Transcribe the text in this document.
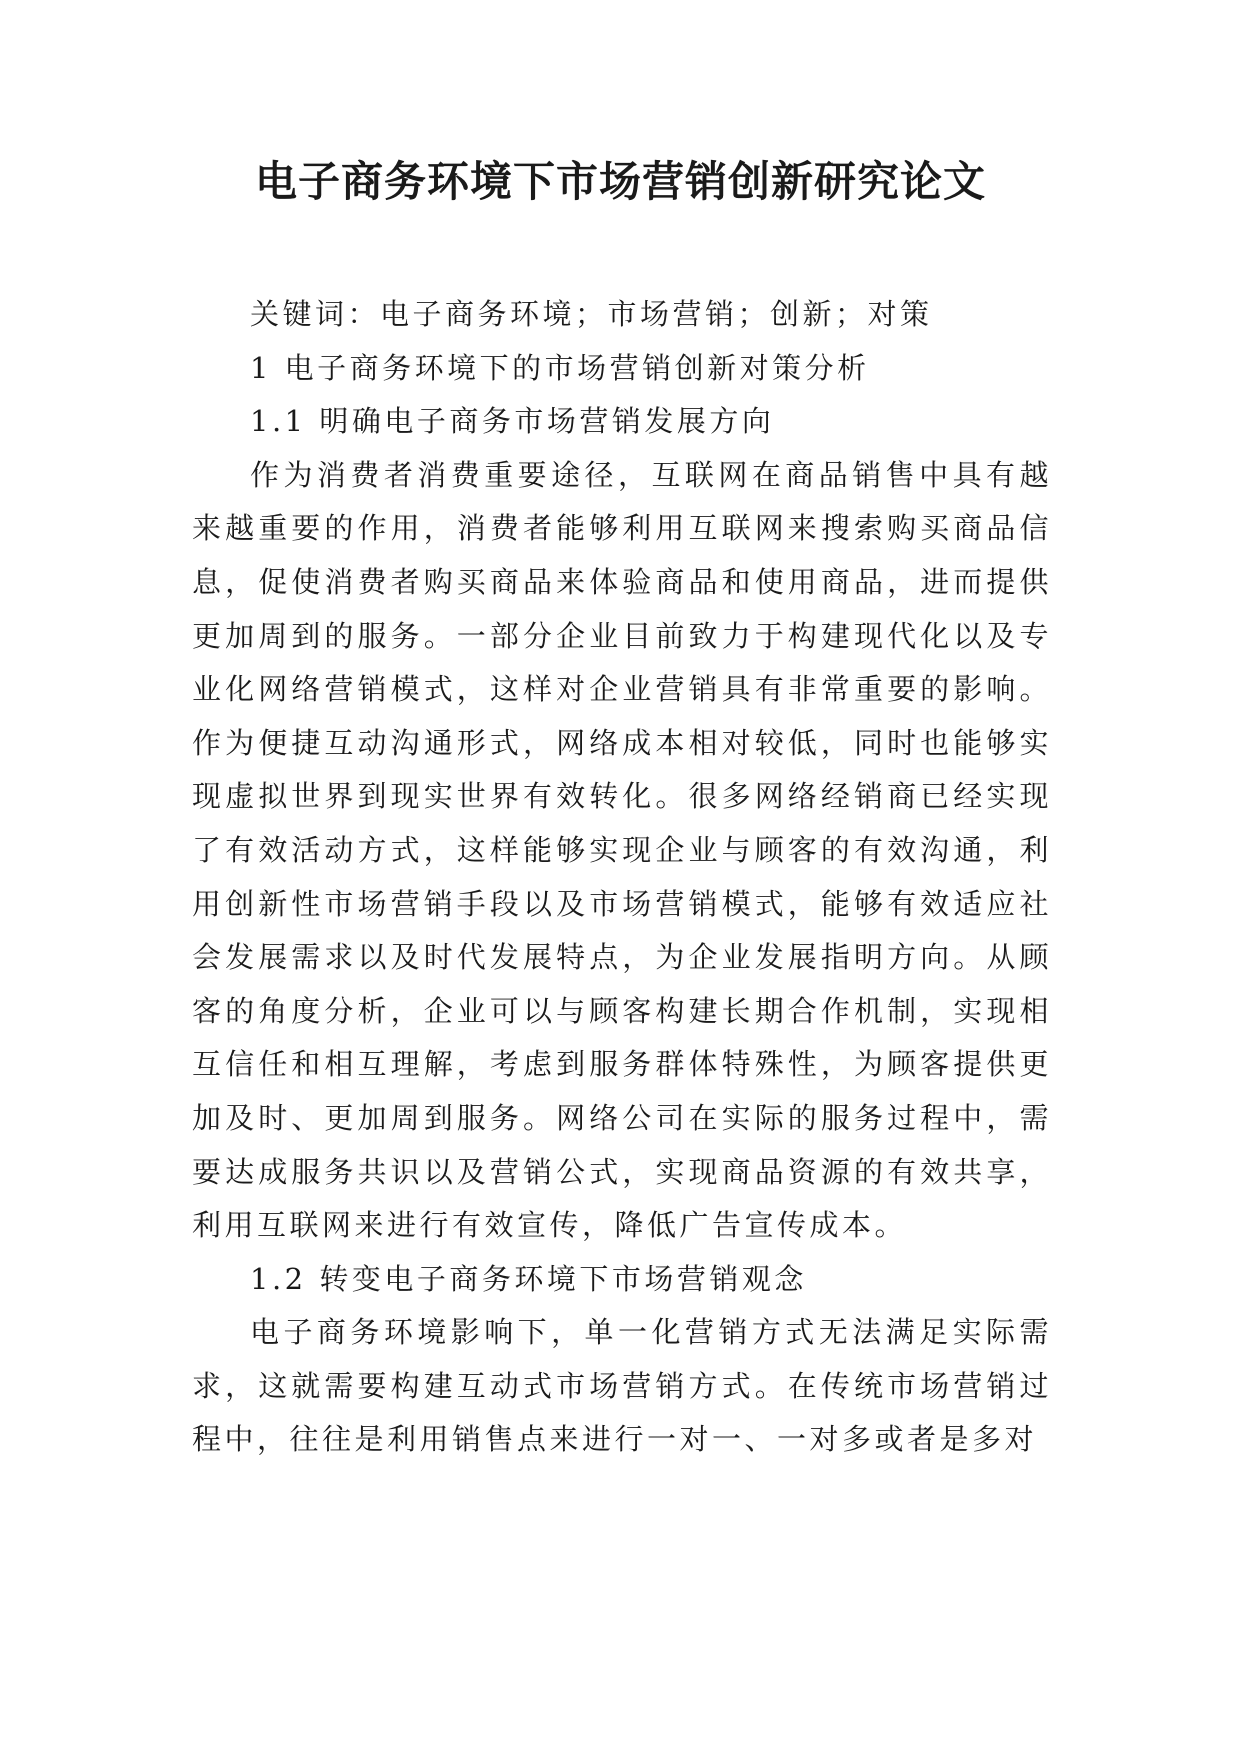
电子商务环境下市场营销创新研究论文

关键词：电子商务环境；市场营销；创新；对策

1 电子商务环境下的市场营销创新对策分析

1.1 明确电子商务市场营销发展方向

作为消费者消费重要途径，互联网在商品销售中具有越来越重要的作用，消费者能够利用互联网来搜索购买商品信息，促使消费者购买商品来体验商品和使用商品，进而提供更加周到的服务。一部分企业目前致力于构建现代化以及专业化网络营销模式，这样对企业营销具有非常重要的影响。作为便捷互动沟通形式，网络成本相对较低，同时也能够实现虚拟世界到现实世界有效转化。很多网络经销商已经实现了有效活动方式，这样能够实现企业与顾客的有效沟通，利用创新性市场营销手段以及市场营销模式，能够有效适应社会发展需求以及时代发展特点，为企业发展指明方向。从顾客的角度分析，企业可以与顾客构建长期合作机制，实现相互信任和相互理解，考虑到服务群体特殊性，为顾客提供更加及时、更加周到服务。网络公司在实际的服务过程中，需要达成服务共识以及营销公式，实现商品资源的有效共享，利用互联网来进行有效宣传，降低广告宣传成本。

1.2 转变电子商务环境下市场营销观念

电子商务环境影响下，单一化营销方式无法满足实际需求，这就需要构建互动式市场营销方式。在传统市场营销过程中，往往是利用销售点来进行一对一、一对多或者是多对
